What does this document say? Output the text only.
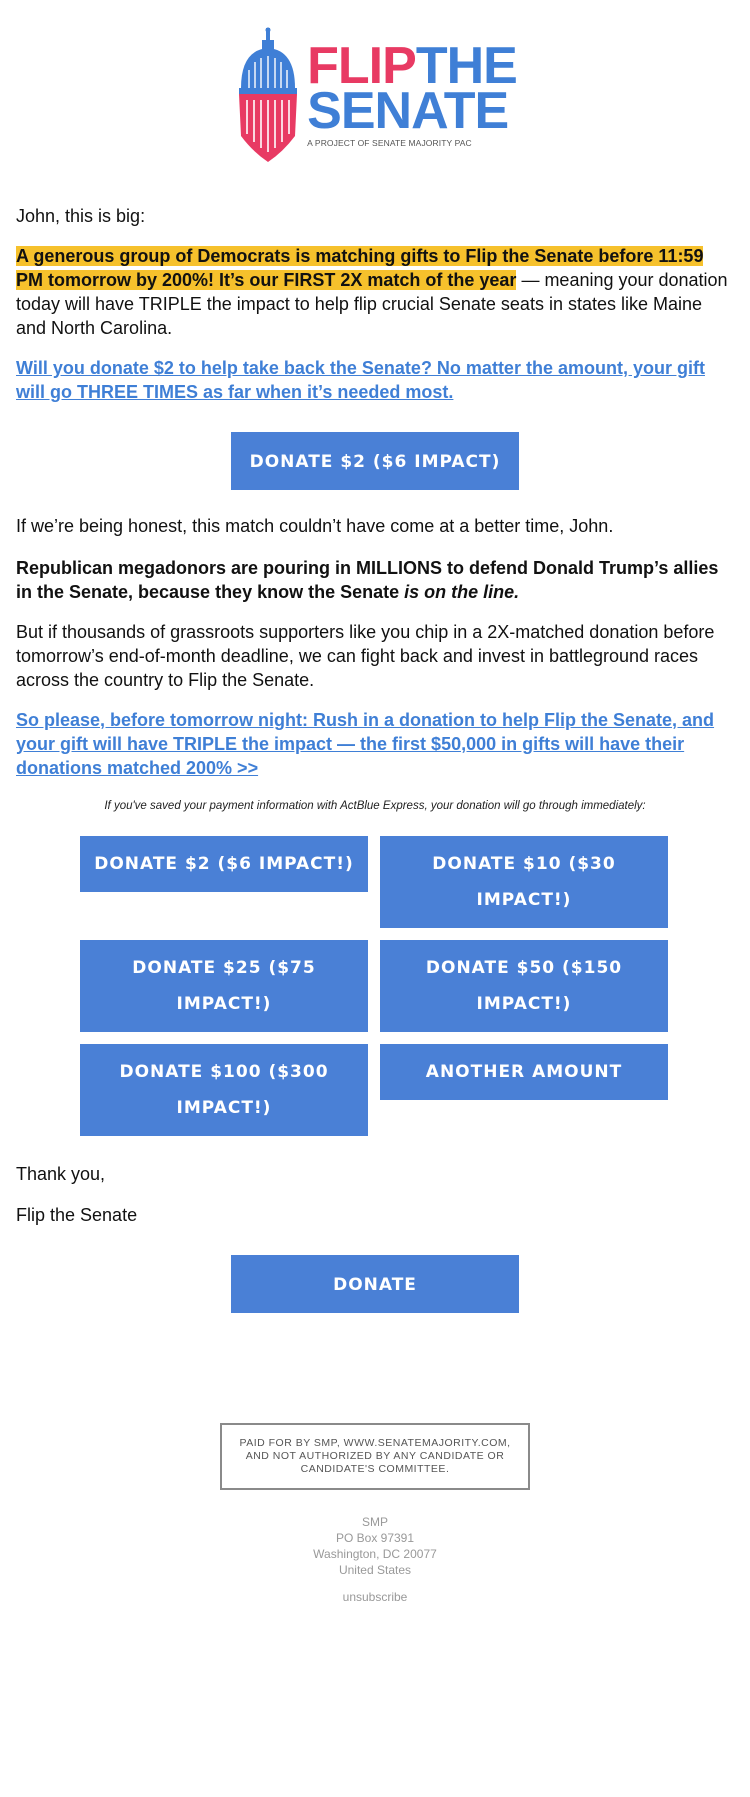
FLIPTHE
SENATE
A PROJECT OF SENATE MAJORITY PAC

John, this is big:

A generous group of Democrats is matching gifts to Flip the Senate before 11:59 PM tomorrow by 200%! It’s our FIRST 2X match of the year — meaning your donation today will have TRIPLE the impact to help flip crucial Senate seats in states like Maine and North Carolina.

Will you donate $2 to help take back the Senate? No matter the amount, your gift will go THREE TIMES as far when it’s needed most.

DONATE $2 ($6 IMPACT)

If we’re being honest, this match couldn’t have come at a better time, John.

Republican megadonors are pouring in MILLIONS to defend Donald Trump’s allies in the Senate, because they know the Senate is on the line.

But if thousands of grassroots supporters like you chip in a 2X-matched donation before tomorrow’s end-of-month deadline, we can fight back and invest in battleground races across the country to Flip the Senate.

So please, before tomorrow night: Rush in a donation to help Flip the Senate, and your gift will have TRIPLE the impact — the first $50,000 in gifts will have their donations matched 200% >>

If you've saved your payment information with ActBlue Express, your donation will go through immediately:
DONATE $2 ($6 IMPACT!)	DONATE $10 ($30 IMPACT!)
DONATE $25 ($75 IMPACT!)
DONATE $50 ($150 IMPACT!)
DONATE $100 ($300 IMPACT!)
ANOTHER AMOUNT

Thank you,

Flip the Senate

DONATE
PAID FOR BY SMP, WWW.SENATEMAJORITY.COM, AND NOT AUTHORIZED BY ANY CANDIDATE OR CANDIDATE'S COMMITTEE.
SMP
PO Box 97391
Washington, DC 20077
United States
unsubscribe
